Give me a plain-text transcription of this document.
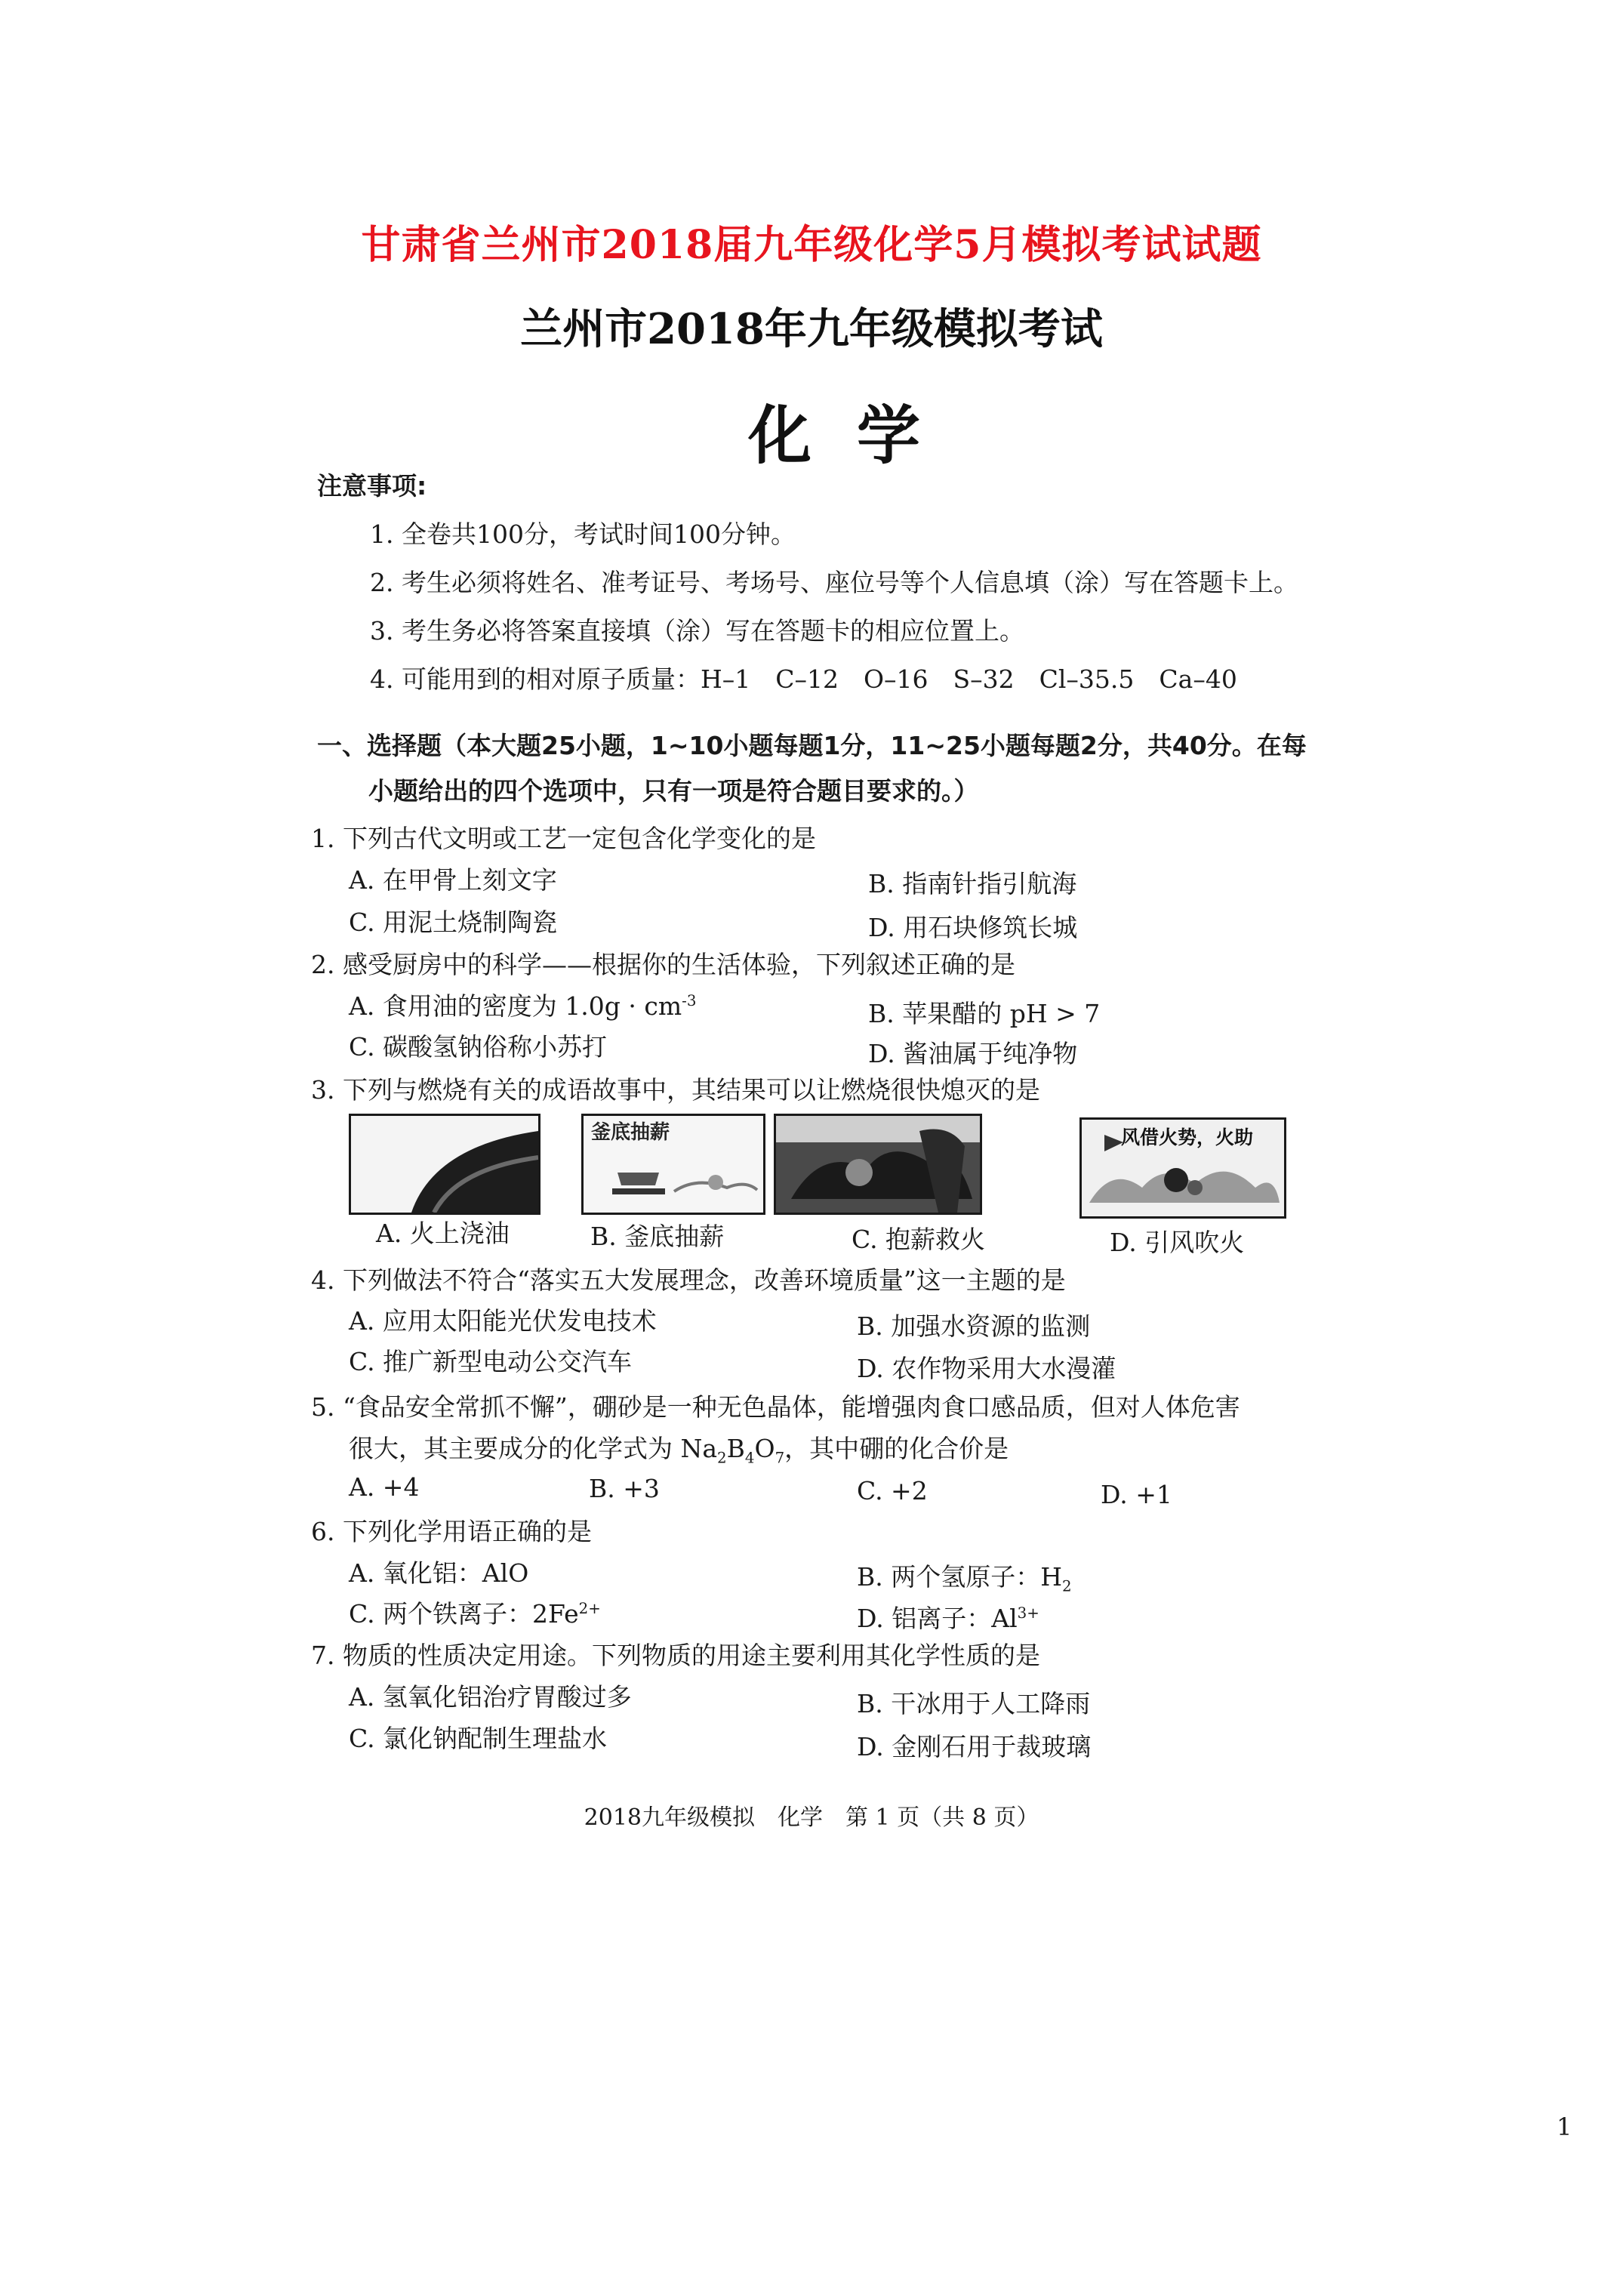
甘肃省兰州市2018届九年级化学5月模拟考试试题
兰州市2018年九年级模拟考试
化学
注意事项:
1. 全卷共100分，考试时间100分钟。
2. 考生必须将姓名、准考证号、考场号、座位号等个人信息填（涂）写在答题卡上。
3. 考生务必将答案直接填（涂）写在答题卡的相应位置上。
4. 可能用到的相对原子质量：H–1　C–12　O–16　S–32　Cl–35.5　Ca–40
一、选择题（本大题25小题，1~10小题每题1分，11~25小题每题2分，共40分。在每
小题给出的四个选项中，只有一项是符合题目要求的。）
1. 下列古代文明或工艺一定包含化学变化的是
A. 在甲骨上刻文字	B. 指南针指引航海
C. 用泥土烧制陶瓷	D. 用石块修筑长城
2. 感受厨房中的科学——根据你的生活体验，下列叙述正确的是
A. 食用油的密度为 $1.0g \cdot cm^{-3}$	B. 苹果醋的 pH > 7
C. 碳酸氢钠俗称小苏打	D. 酱油属于纯净物
3. 下列与燃烧有关的成语故事中，其结果可以让燃烧很快熄灭的是
釜底抽薪	风借火势，火助
A. 火上浇油	B. 釜底抽薪	C. 抱薪救火	D. 引风吹火
4. 下列做法不符合“落实五大发展理念，改善环境质量”这一主题的是
A. 应用太阳能光伏发电技术	B. 加强水资源的监测
C. 推广新型电动公交汽车	D. 农作物采用大水漫灌
5. “食品安全常抓不懈”，硼砂是一种无色晶体，能增强肉食口感品质，但对人体危害
很大，其主要成分的化学式为 $Na_2B_4O_7$，其中硼的化合价是
A. +4	B. +3	C. +2	D. +1
6. 下列化学用语正确的是
A. 氧化铝：AlO	B. 两个氢原子：$H_2$
C. 两个铁离子：$2Fe^{2+}$	D. 铝离子：$Al^{3+}$
7. 物质的性质决定用途。下列物质的用途主要利用其化学性质的是
A. 氢氧化铝治疗胃酸过多	B. 干冰用于人工降雨
C. 氯化钠配制生理盐水	D. 金刚石用于裁玻璃
2018九年级模拟　化学　第 1 页（共 8 页）
1
